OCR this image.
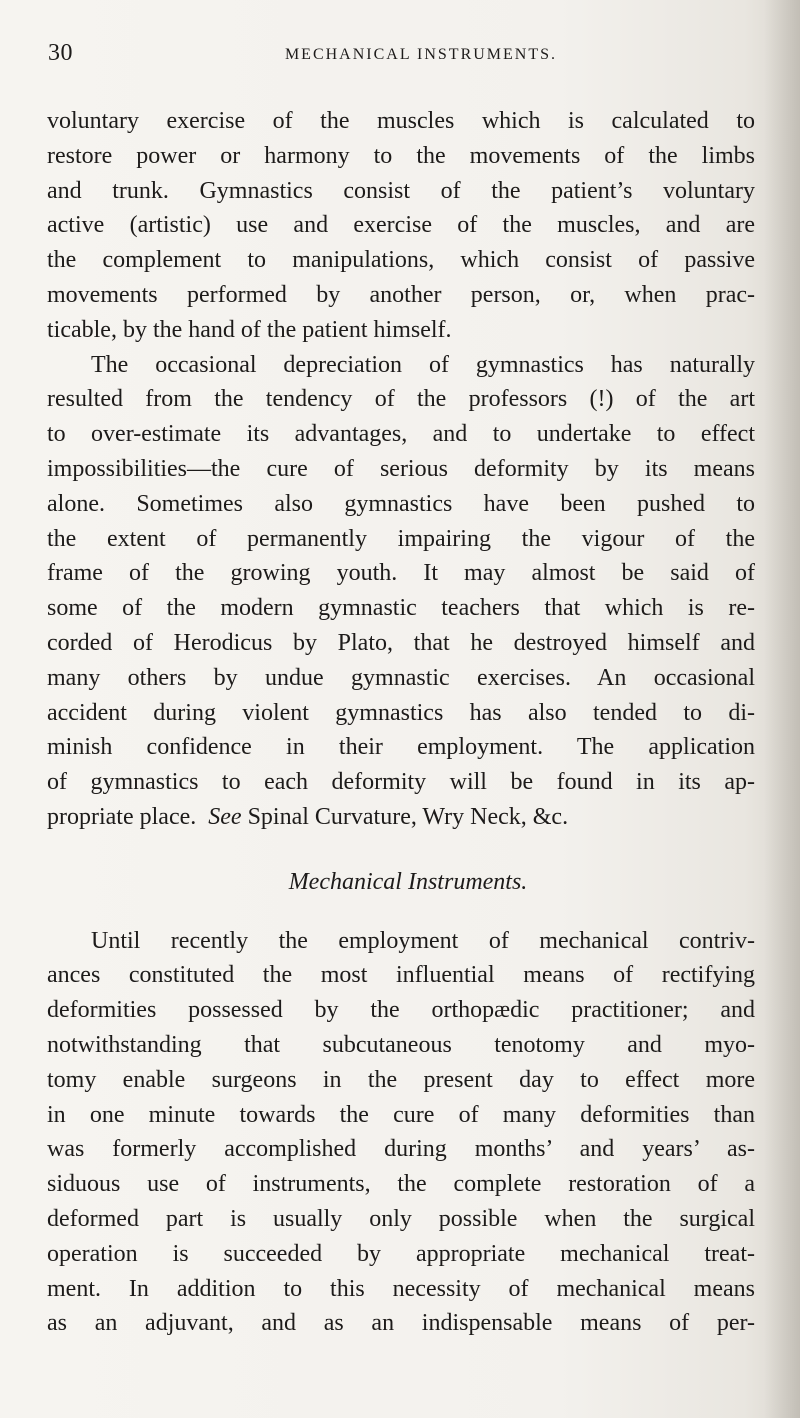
30	MECHANICAL INSTRUMENTS.
voluntary exercise of the muscles which is calculated to
restore power or harmony to the movements of the limbs
and trunk. Gymnastics consist of the patient’s voluntary
active (artistic) use and exercise of the muscles, and are
the complement to manipulations, which consist of passive
movements performed by another person, or, when prac-
ticable, by the hand of the patient himself.
The occasional depreciation of gymnastics has naturally
resulted from the tendency of the professors (!) of the art
to over-estimate its advantages, and to undertake to effect
impossibilities—the cure of serious deformity by its means
alone. Sometimes also gymnastics have been pushed to
the extent of permanently impairing the vigour of the
frame of the growing youth. It may almost be said of
some of the modern gymnastic teachers that which is re-
corded of Herodicus by Plato, that he destroyed himself and
many others by undue gymnastic exercises. An occasional
accident during violent gymnastics has also tended to di-
minish confidence in their employment. The application
of gymnastics to each deformity will be found in its ap-
propriate place. See Spinal Curvature, Wry Neck, &c.
Mechanical Instruments.
Until recently the employment of mechanical contriv-
ances constituted the most influential means of rectifying
deformities possessed by the orthopædic practitioner; and
notwithstanding that subcutaneous tenotomy and myo-
tomy enable surgeons in the present day to effect more
in one minute towards the cure of many deformities than
was formerly accomplished during months’ and years’ as-
siduous use of instruments, the complete restoration of a
deformed part is usually only possible when the surgical
operation is succeeded by appropriate mechanical treat-
ment. In addition to this necessity of mechanical means
as an adjuvant, and as an indispensable means of per-
